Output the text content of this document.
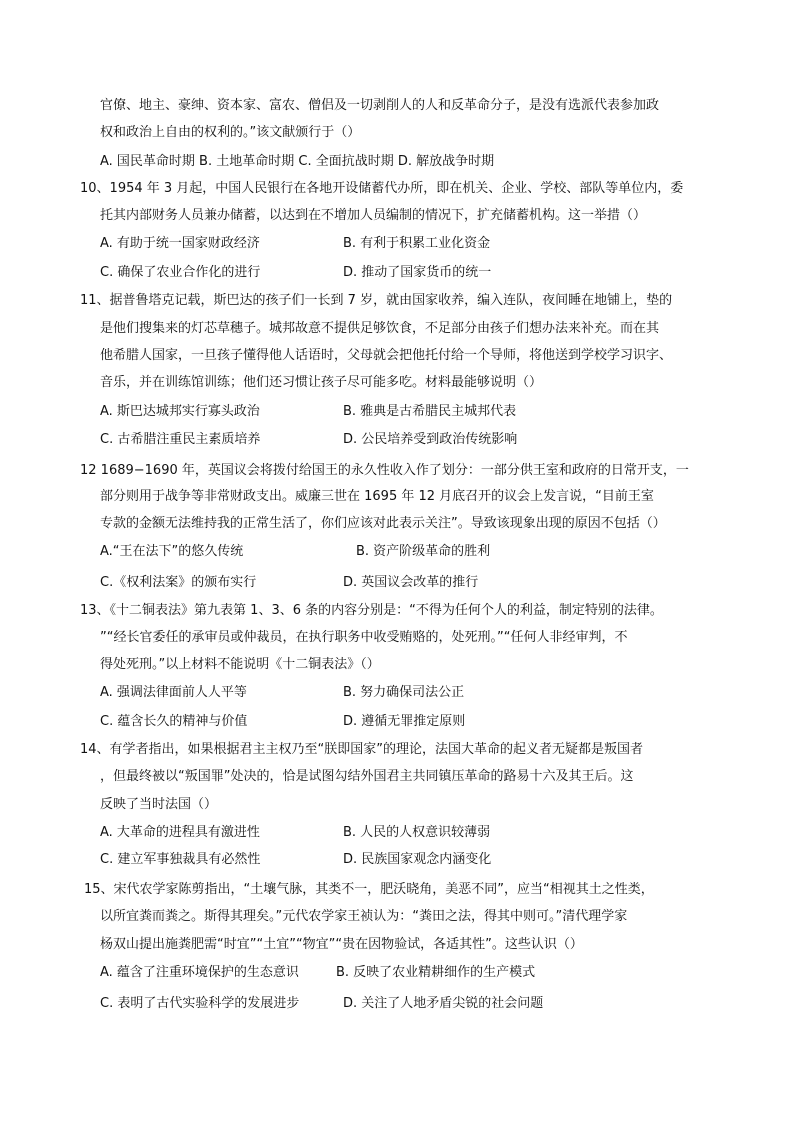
官僚、地主、豪绅、资本家、富农、僧侣及一切剥削人的人和反革命分子，是没有选派代表参加政
权和政治上自由的权利的。”该文献颁行于（）
A. 国民革命时期 B. 土地革命时期 C. 全面抗战时期 D. 解放战争时期
10、1954 年 3 月起，中国人民银行在各地开设储蓄代办所，即在机关、企业、学校、部队等单位内，委
托其内部财务人员兼办储蓄，以达到在不增加人员编制的情况下，扩充储蓄机构。这一举措（）
A. 有助于统一国家财政经济	B. 有利于积累工业化资金
C. 确保了农业合作化的进行	D. 推动了国家货币的统一
11、据普鲁塔克记载，斯巴达的孩子们一长到 7 岁，就由国家收养，编入连队，夜间睡在地铺上，垫的
是他们搜集来的灯芯草穗子。城邦故意不提供足够饮食，不足部分由孩子们想办法来补充。而在其
他希腊人国家，一旦孩子懂得他人话语时，父母就会把他托付给一个导师，将他送到学校学习识字、
音乐，并在训练馆训练；他们还习惯让孩子尽可能多吃。材料最能够说明（）
A. 斯巴达城邦实行寡头政治	B. 雅典是古希腊民主城邦代表
C. 古希腊注重民主素质培养	D. 公民培养受到政治传统影响
12 1689−1690 年，英国议会将拨付给国王的永久性收入作了划分：一部分供王室和政府的日常开支，一
部分则用于战争等非常财政支出。威廉三世在 1695 年 12 月底召开的议会上发言说，“目前王室
专款的金额无法维持我的正常生活了，你们应该对此表示关注”。导致该现象出现的原因不包括（）
A.“王在法下”的悠久传统	B. 资产阶级革命的胜利
C.《权利法案》的颁布实行	D. 英国议会改革的推行
13、《十二铜表法》第九表第 1、3、6 条的内容分别是：“不得为任何个人的利益，制定特别的法律。
”“经长官委任的承审员或仲裁员，在执行职务中收受贿赂的，处死刑。”“任何人非经审判，不
得处死刑。”以上材料不能说明《十二铜表法》（）
A. 强调法律面前人人平等	B. 努力确保司法公正
C. 蕴含长久的精神与价值	D. 遵循无罪推定原则
14、有学者指出，如果根据君主主权乃至“朕即国家”的理论，法国大革命的起义者无疑都是叛国者
，但最终被以“叛国罪”处决的，恰是试图勾结外国君主共同镇压革命的路易十六及其王后。这
反映了当时法国（）
A. 大革命的进程具有激进性	B. 人民的人权意识较薄弱
C. 建立军事独裁具有必然性	D. 民族国家观念内涵变化
15、宋代农学家陈剪指出，“土壤气脉，其类不一，肥沃晓角，美恶不同”，应当“相视其土之性类，
以所宜粪而粪之。斯得其理矣。”元代农学家王祯认为：“粪田之法，得其中则可。”清代理学家
杨双山提出施粪肥需“时宜”“土宜”“物宜”“贵在因物验试，各适其性”。这些认识（）
A. 蕴含了注重环境保护的生态意识	B. 反映了农业精耕细作的生产模式
C. 表明了古代实验科学的发展进步	D. 关注了人地矛盾尖锐的社会问题
